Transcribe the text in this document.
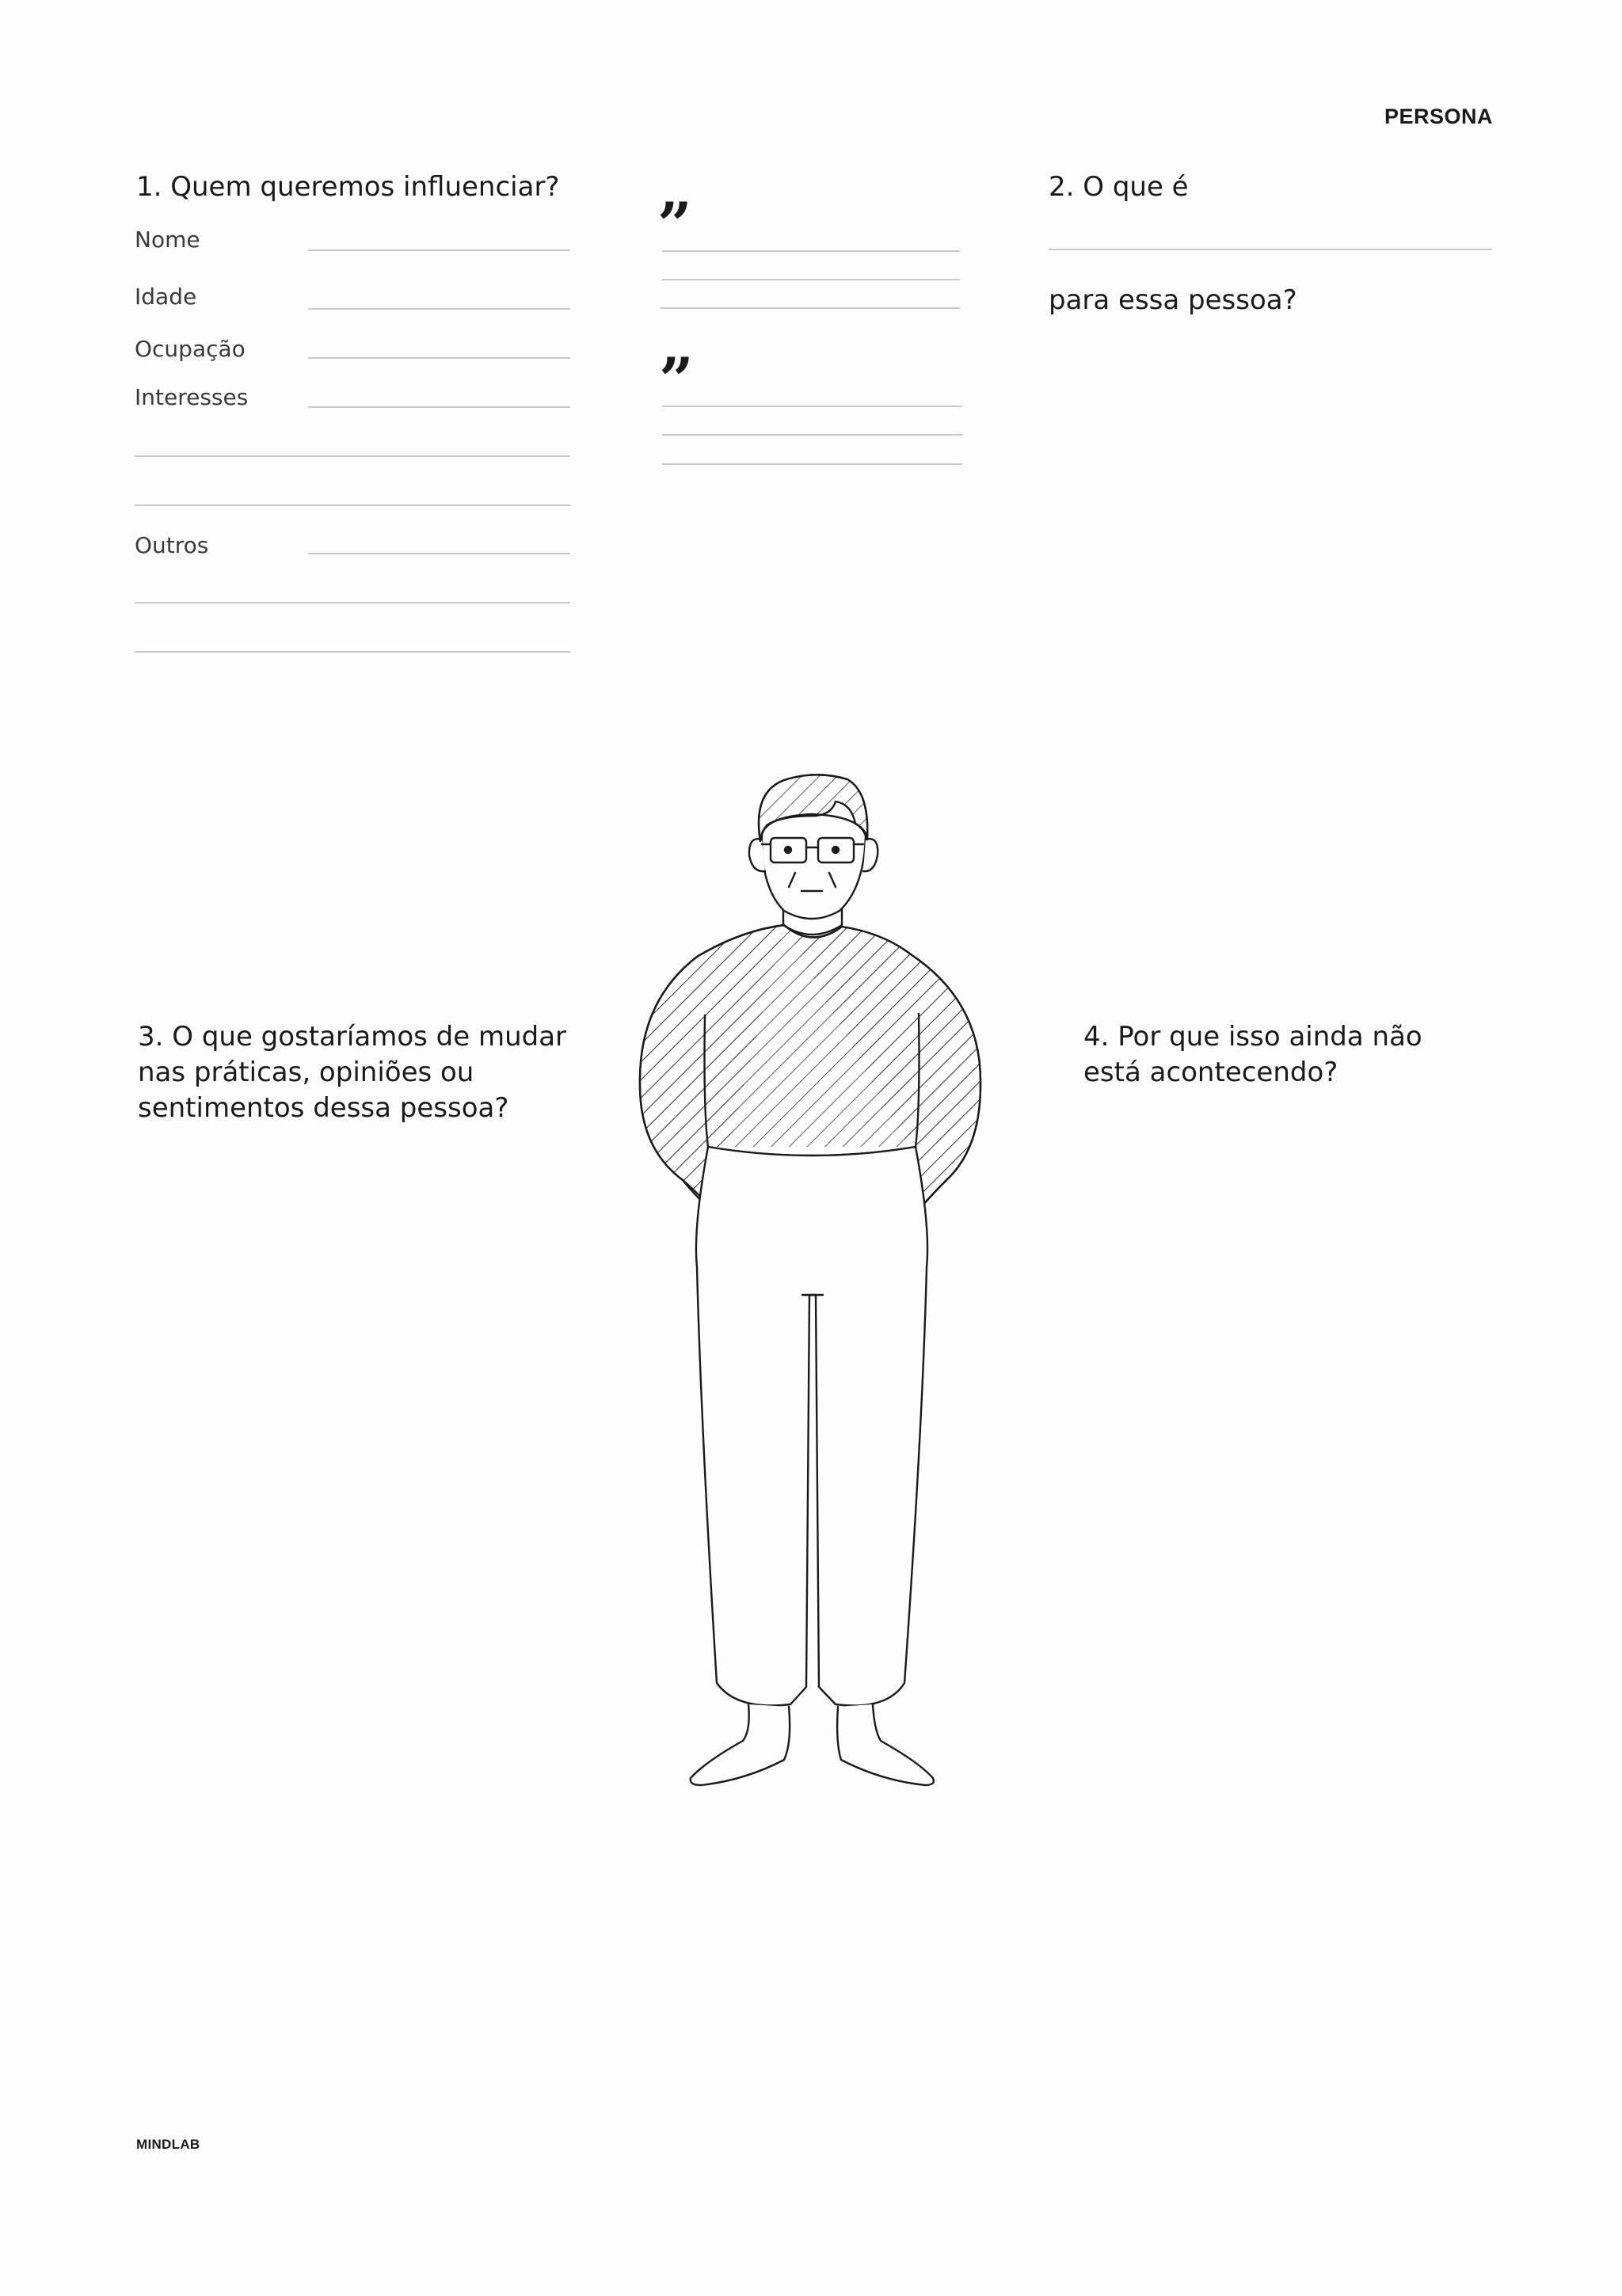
PERSONA
MINDLAB
1. Quem queremos influenciar?
Nome
Idade
Ocupação
Interesses
Outros
”
”
2. O que é
para essa pessoa?
3. O que gostaríamos de mudar
nas práticas, opiniões ou
sentimentos dessa pessoa?
4. Por que isso ainda não
está acontecendo?
